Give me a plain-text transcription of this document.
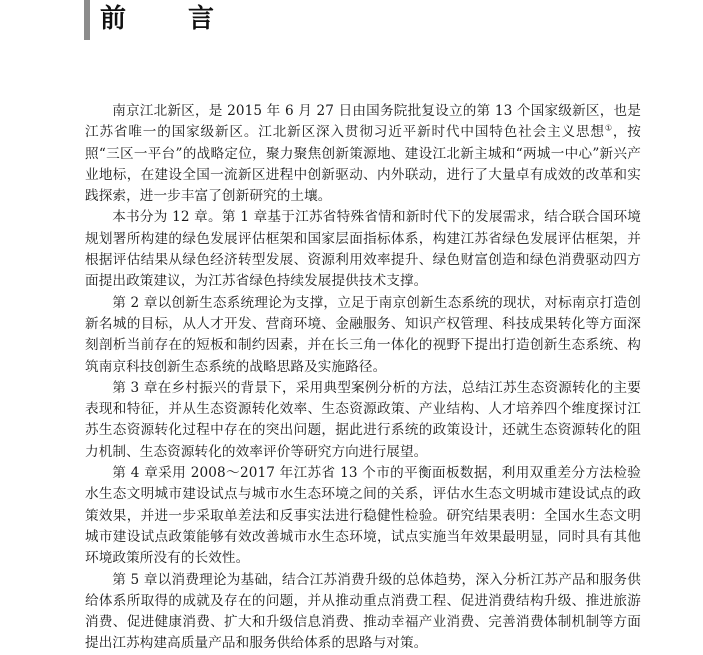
前言

南京江北新区，是 2015 年 6 月 27 日由国务院批复设立的第 13 个国家级新区，也是江苏省唯一的国家级新区。江北新区深入贯彻习近平新时代中国特色社会主义思想①，按照“三区一平台”的战略定位，聚力聚焦创新策源地、建设江北新主城和“两城一中心”新兴产业地标，在建设全国一流新区进程中创新驱动、内外联动，进行了大量卓有成效的改革和实践探索，进一步丰富了创新研究的土壤。

本书分为 12 章。第 1 章基于江苏省特殊省情和新时代下的发展需求，结合联合国环境规划署所构建的绿色发展评估框架和国家层面指标体系，构建江苏省绿色发展评估框架，并根据评估结果从绿色经济转型发展、资源利用效率提升、绿色财富创造和绿色消费驱动四方面提出政策建议，为江苏省绿色持续发展提供技术支撑。

第 2 章以创新生态系统理论为支撑，立足于南京创新生态系统的现状，对标南京打造创新名城的目标，从人才开发、营商环境、金融服务、知识产权管理、科技成果转化等方面深刻剖析当前存在的短板和制约因素，并在长三角一体化的视野下提出打造创新生态系统、构筑南京科技创新生态系统的战略思路及实施路径。

第 3 章在乡村振兴的背景下，采用典型案例分析的方法，总结江苏生态资源转化的主要表现和特征，并从生态资源转化效率、生态资源政策、产业结构、人才培养四个维度探讨江苏生态资源转化过程中存在的突出问题，据此进行系统的政策设计，还就生态资源转化的阻力机制、生态资源转化的效率评价等研究方向进行展望。

第 4 章采用 2008～2017 年江苏省 13 个市的平衡面板数据，利用双重差分方法检验水生态文明城市建设试点与城市水生态环境之间的关系，评估水生态文明城市建设试点的政策效果，并进一步采取单差法和反事实法进行稳健性检验。研究结果表明：全国水生态文明城市建设试点政策能够有效改善城市水生态环境，试点实施当年效果最明显，同时具有其他环境政策所没有的长效性。

第 5 章以消费理论为基础，结合江苏消费升级的总体趋势，深入分析江苏产品和服务供给体系所取得的成就及存在的问题，并从推动重点消费工程、促进消费结构升级、推进旅游消费、促进健康消费、扩大和升级信息消费、推动幸福产业消费、完善消费体制机制等方面提出江苏构建高质量产品和服务供给体系的思路与对策。
